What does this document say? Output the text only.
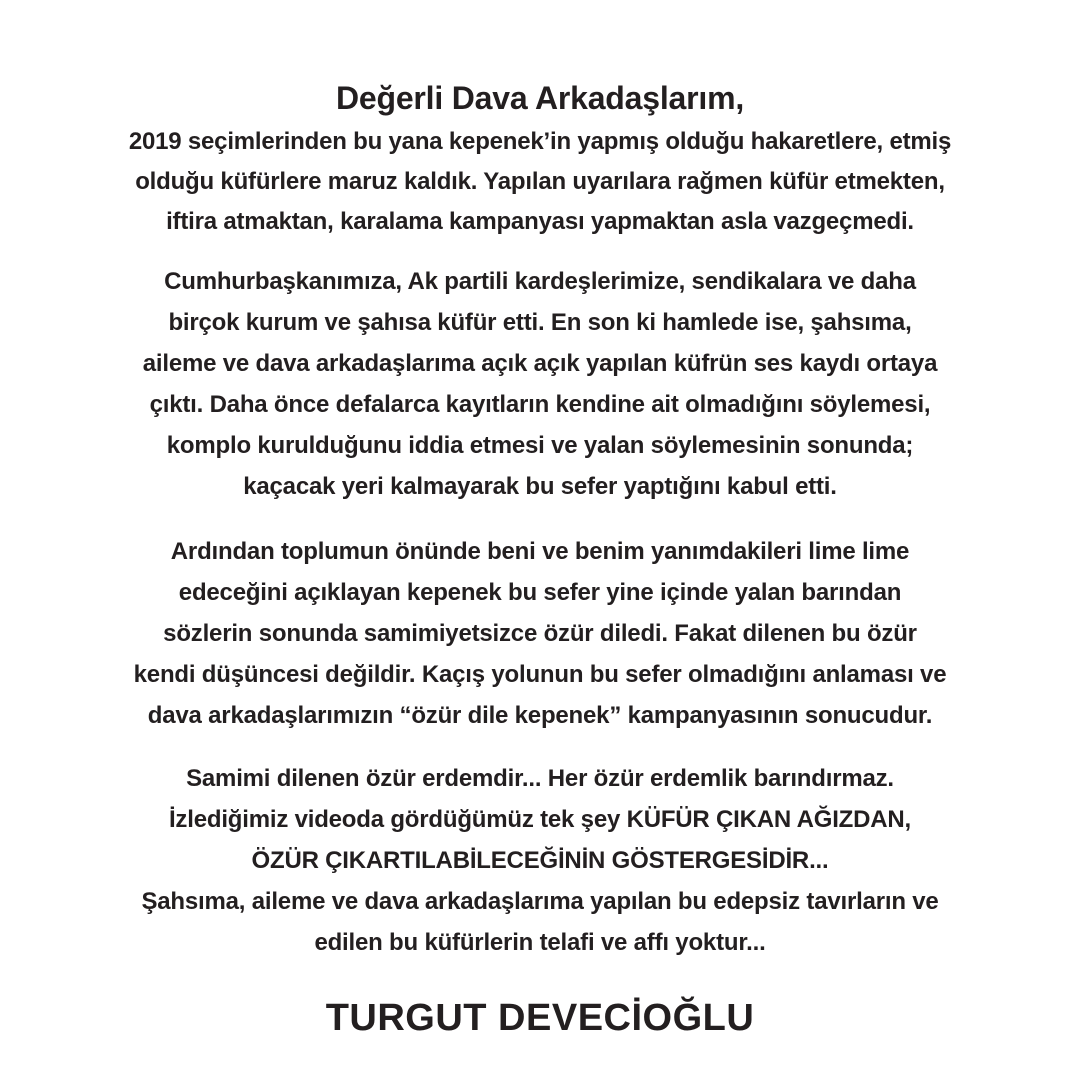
Değerli Dava Arkadaşlarım,
2019 seçimlerinden bu yana kepenek’in yapmış olduğu hakaretlere, etmiş
olduğu küfürlere maruz kaldık. Yapılan uyarılara rağmen küfür etmekten,
iftira atmaktan, karalama kampanyası yapmaktan asla vazgeçmedi.
Cumhurbaşkanımıza, Ak partili kardeşlerimize, sendikalara ve daha
birçok kurum ve şahısa küfür etti. En son ki hamlede ise, şahsıma,
aileme ve dava arkadaşlarıma açık açık yapılan küfrün ses kaydı ortaya
çıktı. Daha önce defalarca kayıtların kendine ait olmadığını söylemesi,
komplo kurulduğunu iddia etmesi ve yalan söylemesinin sonunda;
kaçacak yeri kalmayarak bu sefer yaptığını kabul etti.
Ardından toplumun önünde beni ve benim yanımdakileri lime lime
edeceğini açıklayan kepenek bu sefer yine içinde yalan barından
sözlerin sonunda samimiyetsizce özür diledi. Fakat dilenen bu özür
kendi düşüncesi değildir. Kaçış yolunun bu sefer olmadığını anlaması ve
dava arkadaşlarımızın “özür dile kepenek” kampanyasının sonucudur.
Samimi dilenen özür erdemdir... Her özür erdemlik barındırmaz.
İzlediğimiz videoda gördüğümüz tek şey KÜFÜR ÇIKAN AĞIZDAN,
ÖZÜR ÇIKARTILABİLECEĞİNİN GÖSTERGESİDİR...
Şahsıma, aileme ve dava arkadaşlarıma yapılan bu edepsiz tavırların ve
edilen bu küfürlerin telafi ve affı yoktur...
TURGUT DEVECİOĞLU
